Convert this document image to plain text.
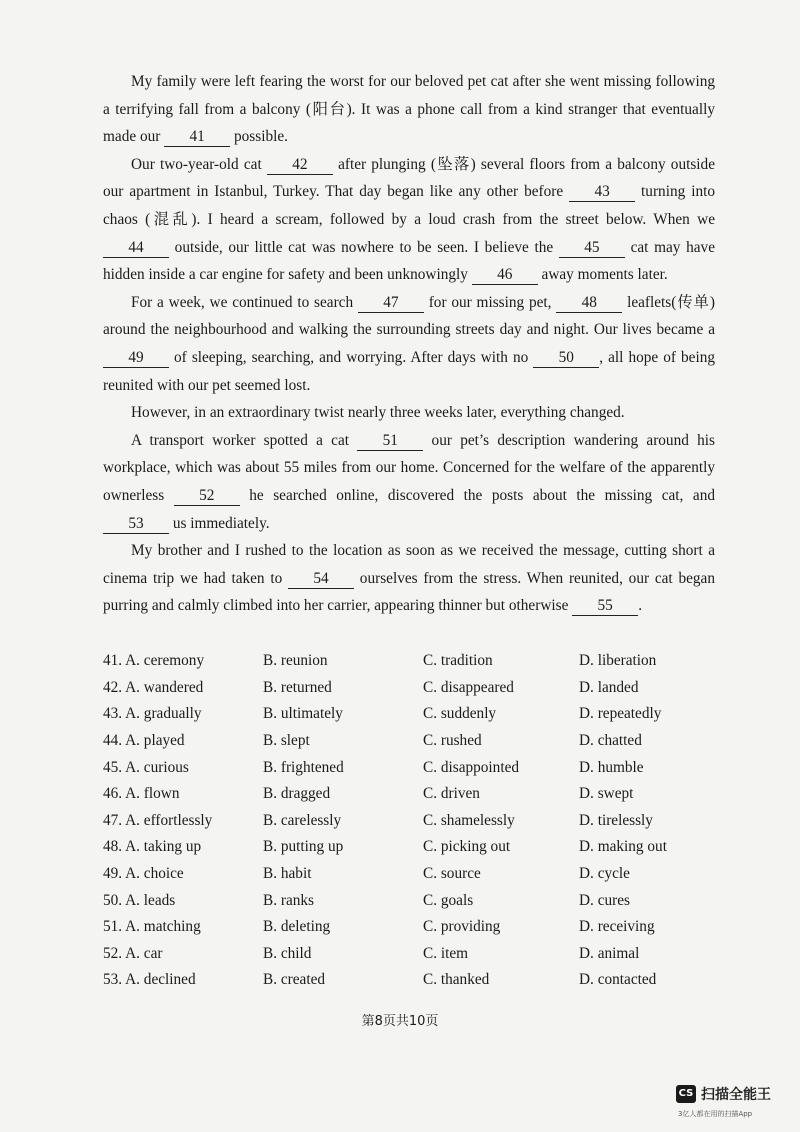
My family were left fearing the worst for our beloved pet cat after she went missing following a terrifying fall from a balcony (阳台). It was a phone call from a kind stranger that eventually made our 41 possible.

Our two-year-old cat 42 after plunging (坠落) several floors from a balcony outside our apartment in Istanbul, Turkey. That day began like any other before 43 turning into chaos (混乱). I heard a scream, followed by a loud crash from the street below. When we 44 outside, our little cat was nowhere to be seen. I believe the 45 cat may have hidden inside a car engine for safety and been unknowingly 46 away moments later.

For a week, we continued to search 47 for our missing pet, 48 leaflets(传单) around the neighbourhood and walking the surrounding streets day and night. Our lives became a 49 of sleeping, searching, and worrying. After days with no 50 , all hope of being reunited with our pet seemed lost.

However, in an extraordinary twist nearly three weeks later, everything changed.

A transport worker spotted a cat 51 our pet’s description wandering around his workplace, which was about 55 miles from our home. Concerned for the welfare of the apparently ownerless 52 he searched online, discovered the posts about the missing cat, and 53 us immediately.

My brother and I rushed to the location as soon as we received the message, cutting short a cinema trip we had taken to 54 ourselves from the stress. When reunited, our cat began purring and calmly climbed into her carrier, appearing thinner but otherwise 55 .

41. A. ceremony	B. reunion	C. tradition	D. liberation
42. A. wandered	B. returned	C. disappeared	D. landed
43. A. gradually	B. ultimately	C. suddenly	D. repeatedly
44. A. played	B. slept	C. rushed	D. chatted
45. A. curious	B. frightened	C. disappointed	D. humble
46. A. flown	B. dragged	C. driven	D. swept
47. A. effortlessly	B. carelessly	C. shamelessly	D. tirelessly
48. A. taking up	B. putting up	C. picking out	D. making out
49. A. choice	B. habit	C. source	D. cycle
50. A. leads	B. ranks	C. goals	D. cures
51. A. matching	B. deleting	C. providing	D. receiving
52. A. car	B. child	C. item	D. animal
53. A. declined	B. created	C. thanked	D. contacted
第8页共10页
CS 扫描全能王
3亿人都在用的扫描App
